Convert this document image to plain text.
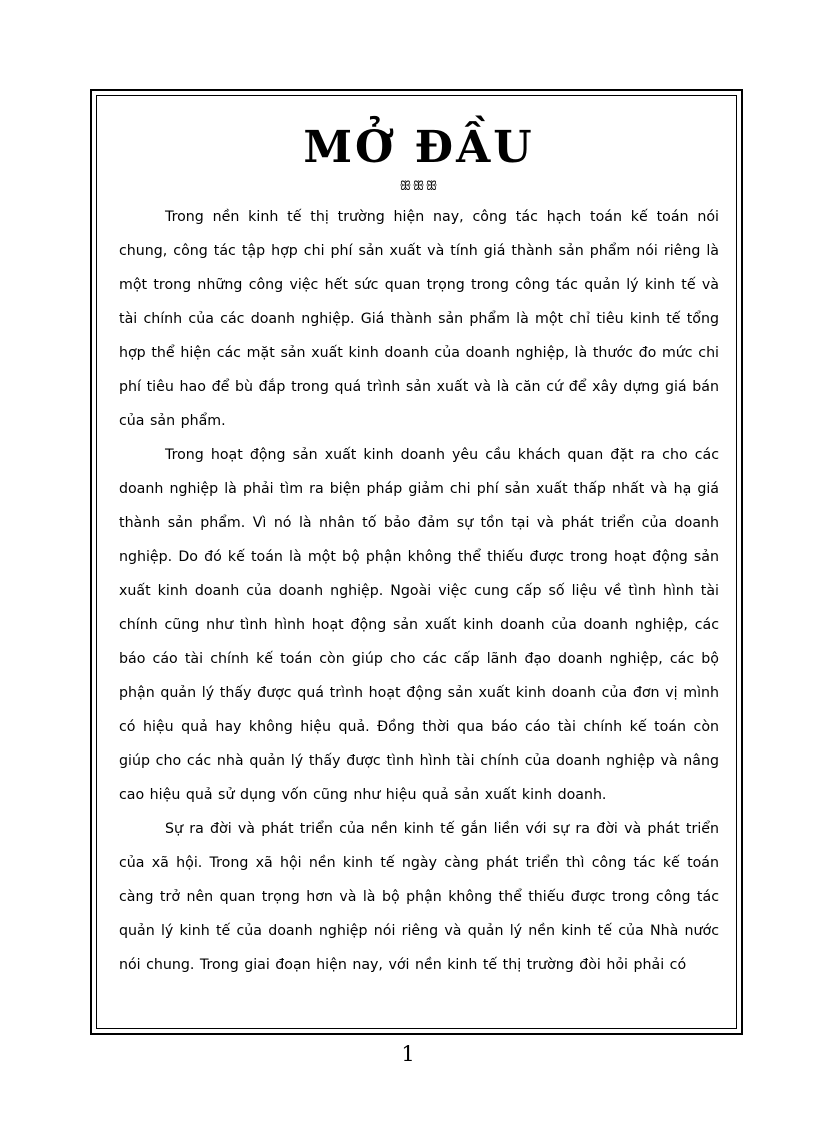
MỞ ĐẦU
ꕥꕥꕥ

Trong nền kinh tế thị trường hiện nay, công tác hạch toán kế toán nói chung, công tác tập hợp chi phí sản xuất và tính giá thành sản phẩm nói riêng là một trong những công việc hết sức quan trọng trong công tác quản lý kinh tế và tài chính của các doanh nghiệp. Giá thành sản phẩm là một chỉ tiêu kinh tế tổng hợp thể hiện các mặt sản xuất kinh doanh của doanh nghiệp, là thước đo mức chi phí tiêu hao để bù đắp trong quá trình sản xuất và là căn cứ để xây dựng giá bán của sản phẩm.

Trong hoạt động sản xuất kinh doanh yêu cầu khách quan đặt ra cho các doanh nghiệp là phải tìm ra biện pháp giảm chi phí sản xuất thấp nhất và hạ giá thành sản phẩm. Vì nó là nhân tố bảo đảm sự tồn tại và phát triển của doanh nghiệp. Do đó kế toán là một bộ phận không thể thiếu được trong hoạt động sản xuất kinh doanh của doanh nghiệp. Ngoài việc cung cấp số liệu về tình hình tài chính cũng như tình hình hoạt động sản xuất kinh doanh của doanh nghiệp, các báo cáo tài chính kế toán còn giúp cho các cấp lãnh đạo doanh nghiệp, các bộ phận quản lý thấy được quá trình hoạt động sản xuất kinh doanh của đơn vị mình có hiệu quả hay không hiệu quả. Đồng thời qua báo cáo tài chính kế toán còn giúp cho các nhà quản lý thấy được tình hình tài chính của doanh nghiệp và nâng cao hiệu quả sử dụng vốn cũng như hiệu quả sản xuất kinh doanh.

Sự ra đời và phát triển của nền kinh tế gắn liền với sự ra đời và phát triển của xã hội. Trong xã hội nền kinh tế ngày càng phát triển thì công tác kế toán càng trở nên quan trọng hơn và là bộ phận không thể thiếu được trong công tác quản lý kinh tế của doanh nghiệp nói riêng và quản lý nền kinh tế của Nhà nước nói chung. Trong giai đoạn hiện nay, với nền kinh tế thị trường đòi hỏi phải có

1
